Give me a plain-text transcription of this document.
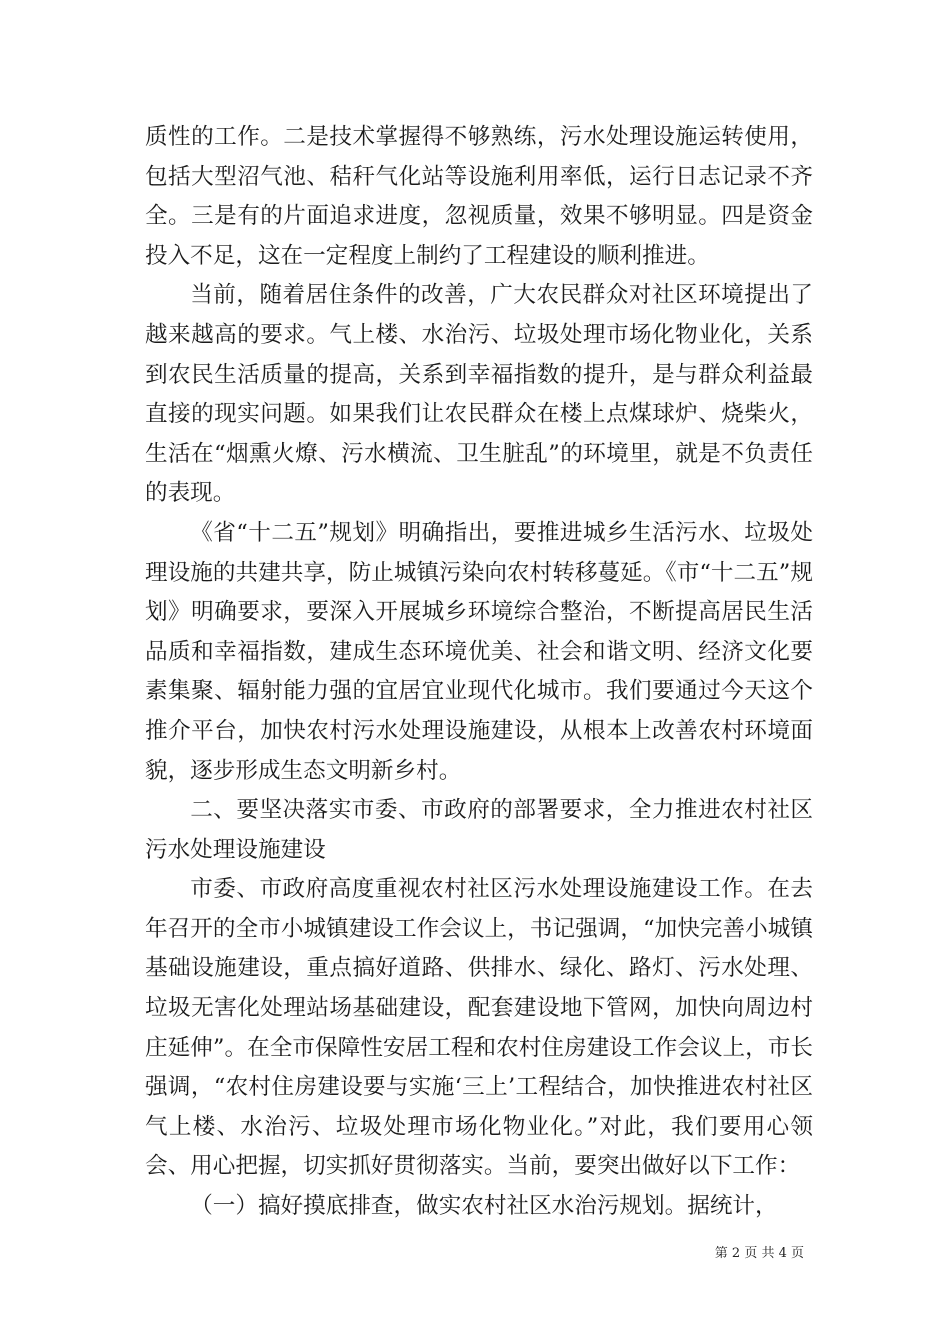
质性的工作。二是技术掌握得不够熟练，污水处理设施运转使用，包括大型沼气池、秸秆气化站等设施利用率低，运行日志记录不齐全。三是有的片面追求进度，忽视质量，效果不够明显。四是资金投入不足，这在一定程度上制约了工程建设的顺利推进。

当前，随着居住条件的改善，广大农民群众对社区环境提出了越来越高的要求。气上楼、水治污、垃圾处理市场化物业化，关系到农民生活质量的提高，关系到幸福指数的提升，是与群众利益最直接的现实问题。如果我们让农民群众在楼上点煤球炉、烧柴火，生活在“烟熏火燎、污水横流、卫生脏乱”的环境里，就是不负责任的表现。

《省“十二五”规划》明确指出，要推进城乡生活污水、垃圾处理设施的共建共享，防止城镇污染向农村转移蔓延。《市“十二五”规划》明确要求，要深入开展城乡环境综合整治，不断提高居民生活品质和幸福指数，建成生态环境优美、社会和谐文明、经济文化要素集聚、辐射能力强的宜居宜业现代化城市。我们要通过今天这个推介平台，加快农村污水处理设施建设，从根本上改善农村环境面貌，逐步形成生态文明新乡村。

二、要坚决落实市委、市政府的部署要求，全力推进农村社区污水处理设施建设

市委、市政府高度重视农村社区污水处理设施建设工作。在去年召开的全市小城镇建设工作会议上，书记强调，“加快完善小城镇基础设施建设，重点搞好道路、供排水、绿化、路灯、污水处理、垃圾无害化处理站场基础建设，配套建设地下管网，加快向周边村庄延伸”。在全市保障性安居工程和农村住房建设工作会议上，市长强调，“农村住房建设要与实施‘三上’工程结合，加快推进农村社区气上楼、水治污、垃圾处理市场化物业化。”对此，我们要用心领会、用心把握，切实抓好贯彻落实。当前，要突出做好以下工作：

（一）搞好摸底排查，做实农村社区水治污规划。据统计，

第 2 页 共 4 页
